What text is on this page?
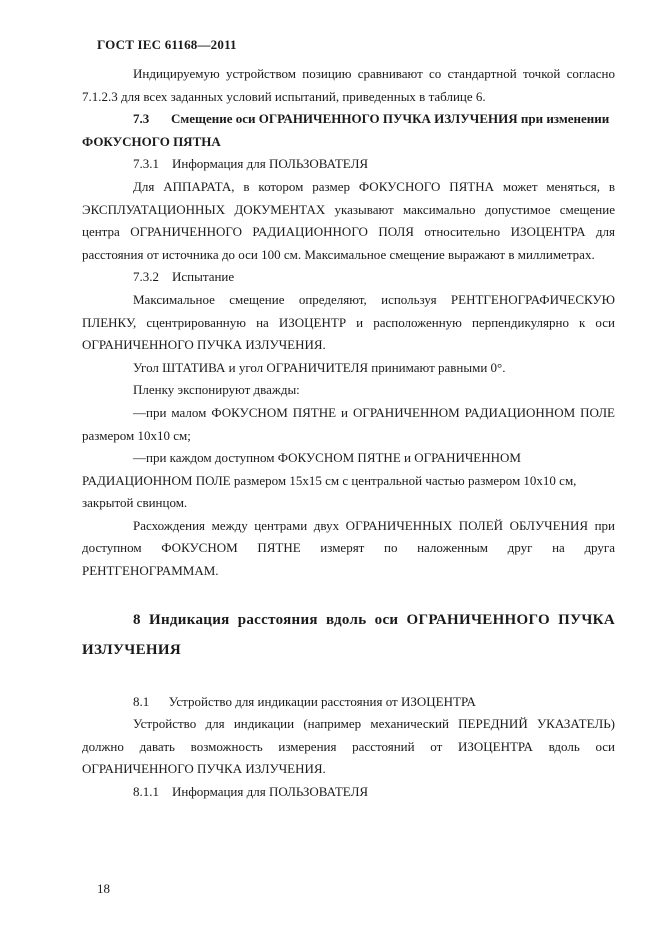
ГОСТ IEC 61168—2011

Индицируемую устройством позицию сравнивают со стандартной точкой согласно 7.1.2.3 для всех заданных условий испытаний, приведенных в таблице 6.

7.3 Смещение оси ОГРАНИЧЕННОГО ПУЧКА ИЗЛУЧЕНИЯ при изменении ФОКУСНОГО ПЯТНА

7.3.1    Информация для ПОЛЬЗОВАТЕЛЯ

Для АППАРАТА, в котором размер ФОКУСНОГО ПЯТНА может меняться, в ЭКСПЛУАТАЦИОННЫХ ДОКУМЕНТАХ указывают максимально допустимое смещение центра ОГРАНИЧЕННОГО РАДИАЦИОННОГО ПОЛЯ относительно ИЗОЦЕНТРА для расстояния от источника до оси 100 см. Максимальное смещение выражают в миллиметрах.

7.3.2    Испытание

Максимальное смещение определяют, используя РЕНТГЕНОГРАФИЧЕСКУЮ ПЛЕНКУ, сцентрированную на ИЗОЦЕНТР и расположенную перпендикулярно к оси ОГРАНИЧЕННОГО ПУЧКА ИЗЛУЧЕНИЯ.

Угол ШТАТИВА и угол ОГРАНИЧИТЕЛЯ принимают равными 0°.

Пленку экспонируют дважды:

—при малом ФОКУСНОМ ПЯТНЕ и ОГРАНИЧЕННОМ РАДИАЦИОННОМ ПОЛЕ размером 10x10 см;

—при каждом доступном ФОКУСНОМ ПЯТНЕ и ОГРАНИЧЕННОМ

РАДИАЦИОННОМ ПОЛЕ размером 15x15 см с центральной частью размером 10x10 см,

закрытой свинцом.

Расхождения между центрами двух ОГРАНИЧЕННЫХ ПОЛЕЙ ОБЛУЧЕНИЯ при доступном ФОКУСНОМ ПЯТНЕ измерят по наложенным друг на друга РЕНТГЕНОГРАММАМ.

8 Индикация расстояния вдоль оси ОГРАНИЧЕННОГО ПУЧКА ИЗЛУЧЕНИЯ

8.1      Устройство для индикации расстояния от ИЗОЦЕНТРА

Устройство для индикации (например механический ПЕРЕДНИЙ УКАЗАТЕЛЬ) должно давать возможность измерения расстояний от ИЗОЦЕНТРА вдоль оси ОГРАНИЧЕННОГО ПУЧКА ИЗЛУЧЕНИЯ.

8.1.1    Информация для ПОЛЬЗОВАТЕЛЯ

18
